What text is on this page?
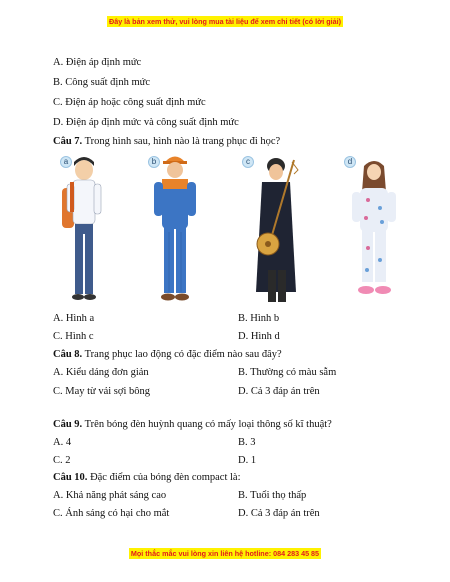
Đây là bản xem thử, vui lòng mua tài liệu để xem chi tiết (có lời giải)
A. Điện áp định mức
B. Công suất định mức
C. Điện áp hoặc công suất định mức
D. Điện áp định mức và công suất định mức
Câu 7. Trong hình sau, hình nào là trang phục đi học?
a	b	c	d
A. Hình a	B. Hình b
C. Hình c	D. Hình d
Câu 8. Trang phục lao động có đặc điểm nào sau đây?
A. Kiểu dáng đơn giản	B. Thường có màu sẫm
C. May từ vải sợi bông	D. Cả 3 đáp án trên
Câu 9. Trên bóng đèn huỳnh quang có mấy loại thông số kĩ thuật?
A. 4	B. 3
C. 2	D. 1
Câu 10. Đặc điểm của bóng đèn compact là:
A. Khả năng phát sáng cao	B. Tuổi thọ thấp
C. Ánh sáng có hại cho mắt	D. Cả 3 đáp án trên
Mọi thắc mắc vui lòng xin liên hệ hotline: 084 283 45 85
